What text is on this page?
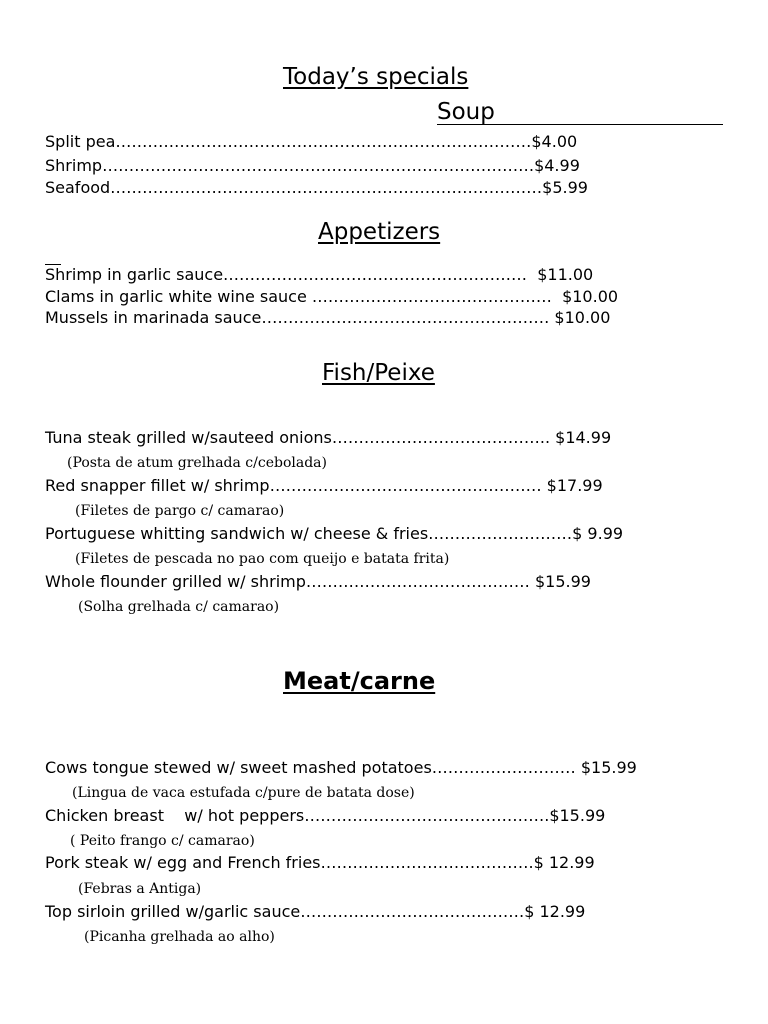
Today’s specials
Soup
Split pea……………………………………………………………………$4.00
Shrimp………………………………………………………………………$4.99
Seafood………………………………………………………………………$5.99
Appetizers
Shrimp in garlic sauce…………………………………………………  $11.00
Clams in garlic white wine sauce ………………………………………  $10.00
Mussels in marinada sauce……………………………………………… $10.00
Fish/Peixe
Tuna steak grilled w/sauteed onions………………………………….. $14.99
(Posta de atum grelhada c/cebolada)
Red snapper fillet w/ shrimp…………………………………………… $17.99
(Filetes de pargo c/ camarao)
Portuguese whitting sandwich w/ cheese & fries………………………$ 9.99
(Filetes de pescada no pao com queijo e batata frita)
Whole flounder grilled w/ shrimp…………………………………… $15.99
(Solha grelhada c/ camarao)
Meat/carne
Cows tongue stewed w/ sweet mashed potatoes……………………… $15.99
(Lingua de vaca estufada c/pure de batata dose)
Chicken breast    w/ hot peppers……………………………………….$15.99
( Peito frango c/ camarao)
Pork steak w/ egg and French fries………………………………….$ 12.99
(Febras a Antiga)
Top sirloin grilled w/garlic sauce……………………………………$ 12.99
(Picanha grelhada ao alho)
